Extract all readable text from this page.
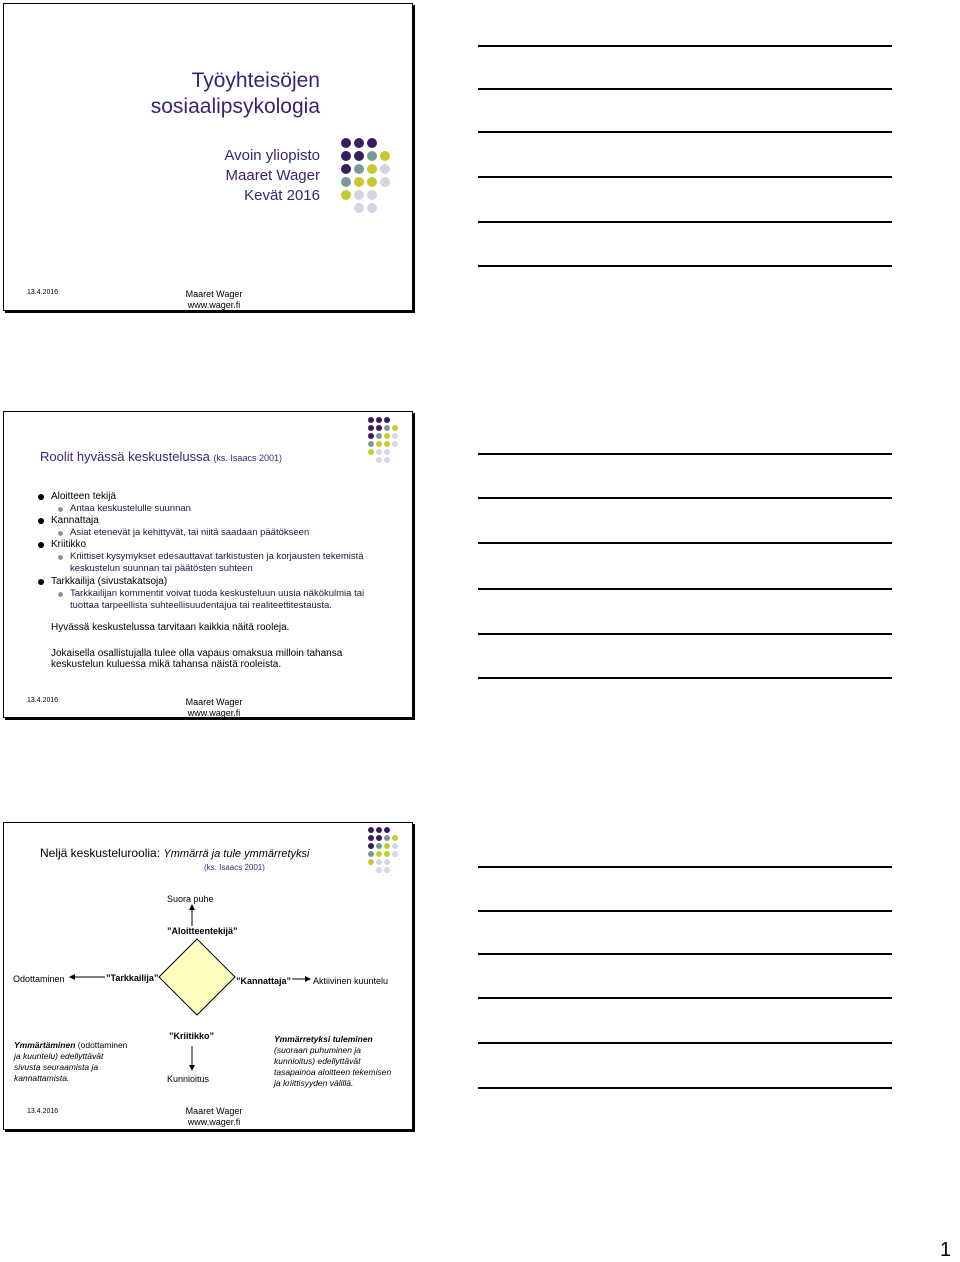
Työyhteisöjen
sosiaalipsykologia
Avoin yliopisto
Maaret Wager
Kevät 2016
13.4.2016	Maaret Wager
www.wager.fi
Roolit hyvässä keskustelussa (ks. Isaacs 2001)
Aloitteen tekijä
Antaa keskustelulle suunnan
Kannattaja
Asiat etenevät ja kehittyvät, tai niitä saadaan päätökseen
Kriitikko
Kriittiset kysymykset edesauttavat tarkistusten ja korjausten tekemistä
keskustelun suunnan tai päätösten suhteen
Tarkkailija (sivustakatsoja)
Tarkkailijan kommentit voivat tuoda keskusteluun uusia näkökulmia tai
tuottaa tarpeellista suhteellisuudentajua tai realiteettitestausta.
Hyvässä keskustelussa tarvitaan kaikkia näitä rooleja.
Jokaisella osallistujalla tulee olla vapaus omaksua milloin tahansa
keskustelun kuluessa mikä tahansa näistä rooleista.
13.4.2016	Maaret Wager
www.wager.fi
Neljä keskusteluroolia: Ymmärrä ja tule ymmärretyksi
(ks. Isaacs 2001)
Suora puhe
”Aloitteentekijä”
Odottaminen	”Tarkkailija”	”Kannattaja” Aktiivinen kuuntelu
”Kriitikko”
Kunnioitus
Ymmärtäminen (odottaminen
ja kuuntelu) edellyttävät
sivusta seuraamista ja
kannattamista.
Ymmärretyksi tuleminen
(suoraan puhuminen ja
kunnioitus) edellyttävät
tasapainoa aloitteen tekemisen
ja kriittisyyden välillä.
13.4.2016	Maaret Wager
www.wager.fi
1
